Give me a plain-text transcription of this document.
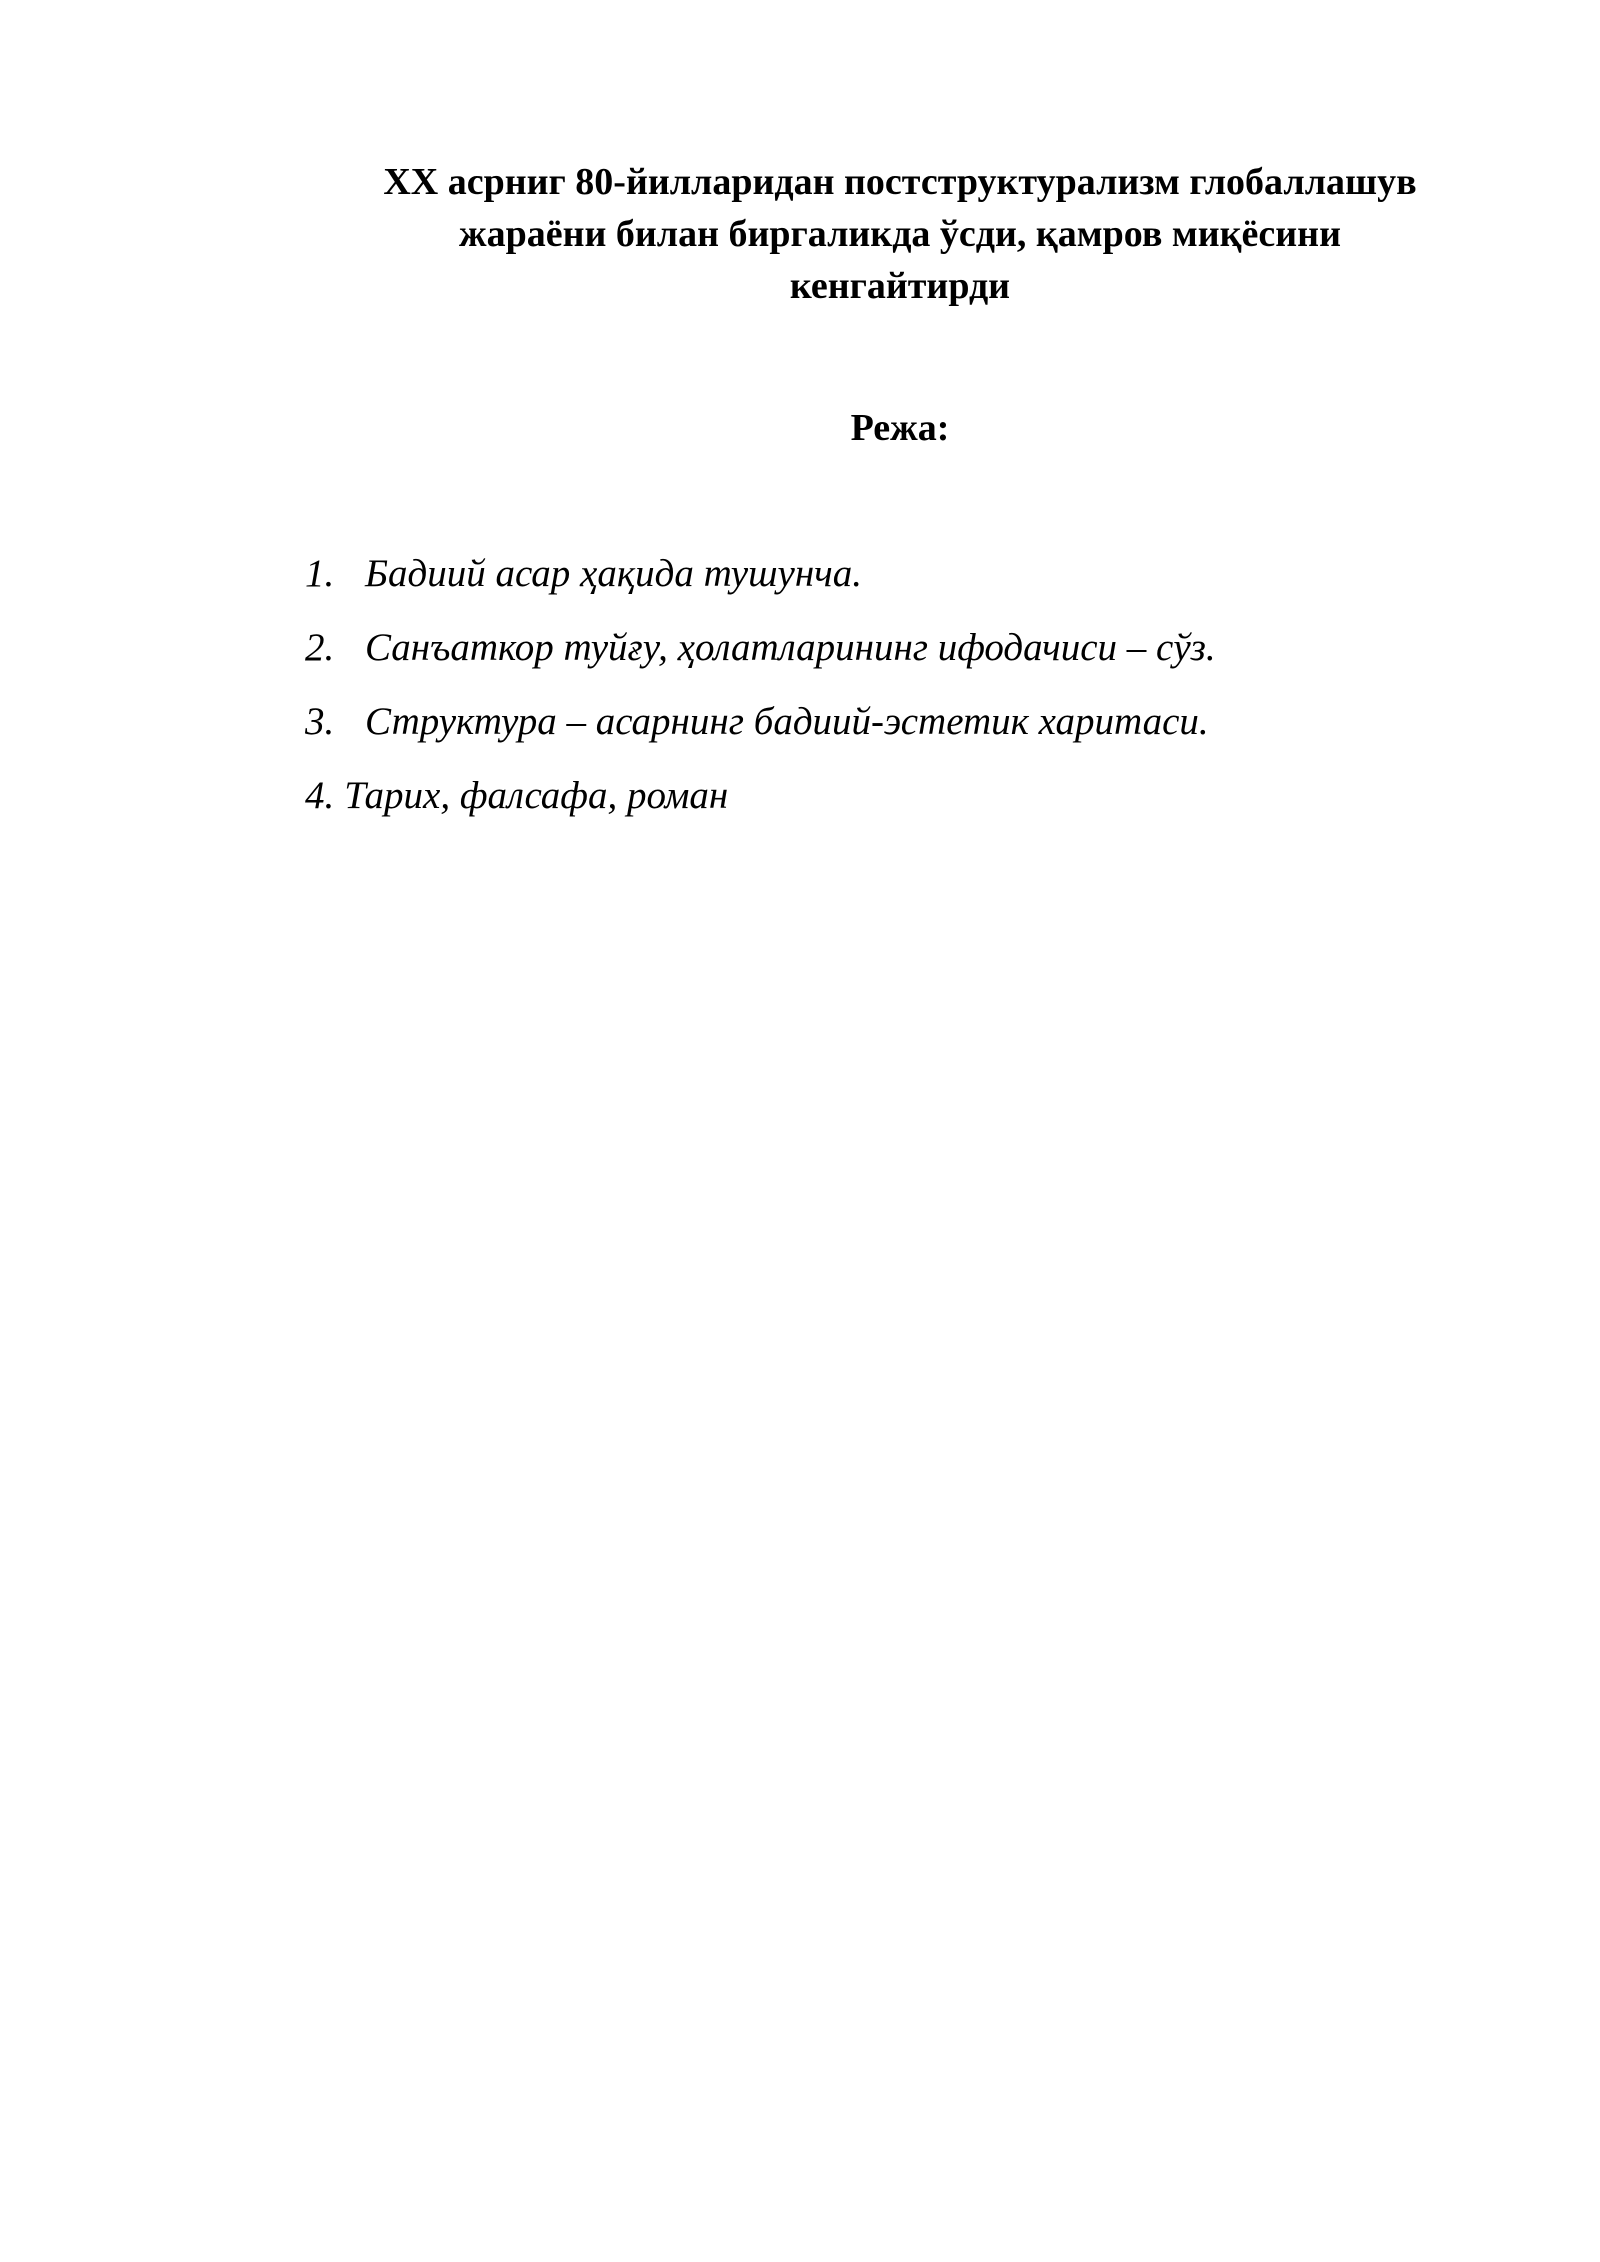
XX асрниг 80-йилларидан постструктурализм глобаллашув
жараёни билан биргаликда ўсди, қамров миқёсини
кенгайтирди
Режа:
1. Бадиий асар ҳақида тушунча.
2. Санъаткор туйғу, ҳолатларининг ифодачиси – сўз.
3. Структура – асарнинг бадиий-эстетик харитаси.
4. Тарих, фалсафа, роман
